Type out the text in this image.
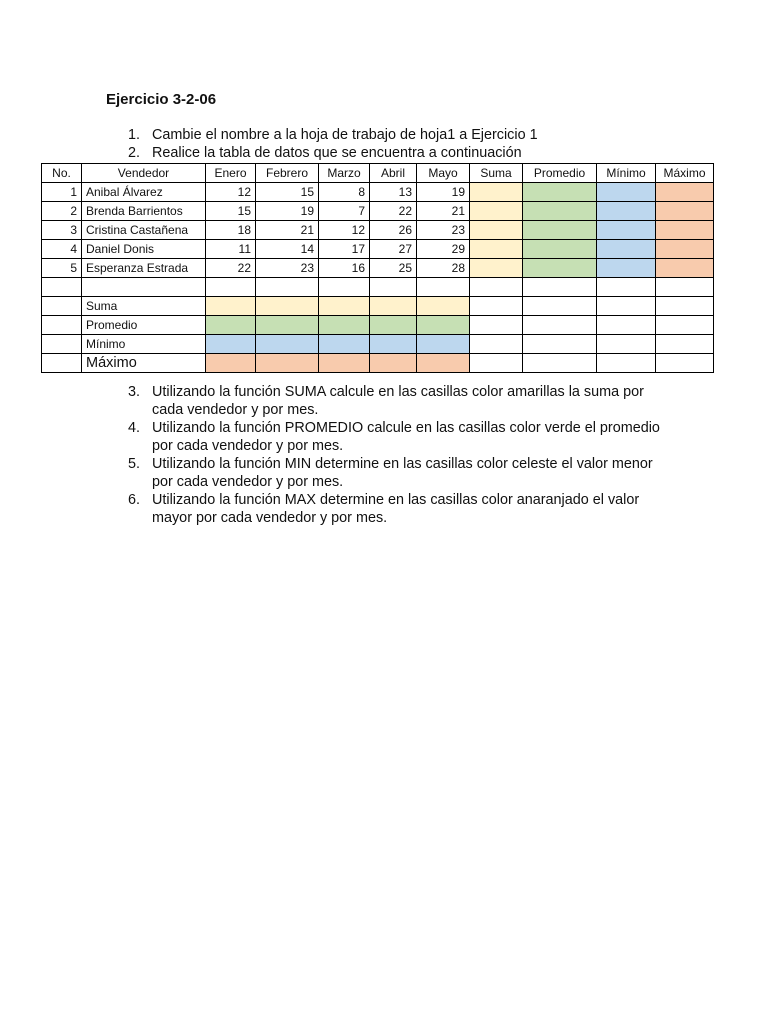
Ejercicio 3-2-06
1. Cambie el nombre a la hoja de trabajo de hoja1 a Ejercicio 1
2. Realice la tabla de datos que se encuentra a continuación
No.	Vendedor	Enero	Febrero	Marzo	Abril	Mayo	Suma	Promedio	Mínimo	Máximo
1	Anibal Álvarez	12	15	8	13	19				
2	Brenda Barrientos	15	19	7	22	21				
3	Cristina Castañena	18	21	12	26	23				
4	Daniel Donis	11	14	17	27	29				
5	Esperanza Estrada	22	23	16	25	28				

	Suma									
	Promedio									
	Mínimo									
	Máximo									
3. Utilizando la función SUMA calcule en las casillas color amarillas la suma por cada vendedor y por mes.
4. Utilizando la función PROMEDIO calcule en las casillas color verde el promedio por cada vendedor y por mes.
5. Utilizando la función MIN determine en las casillas color celeste el valor menor por cada vendedor y por mes.
6. Utilizando la función MAX determine en las casillas color anaranjado el valor mayor por cada vendedor y por mes.
